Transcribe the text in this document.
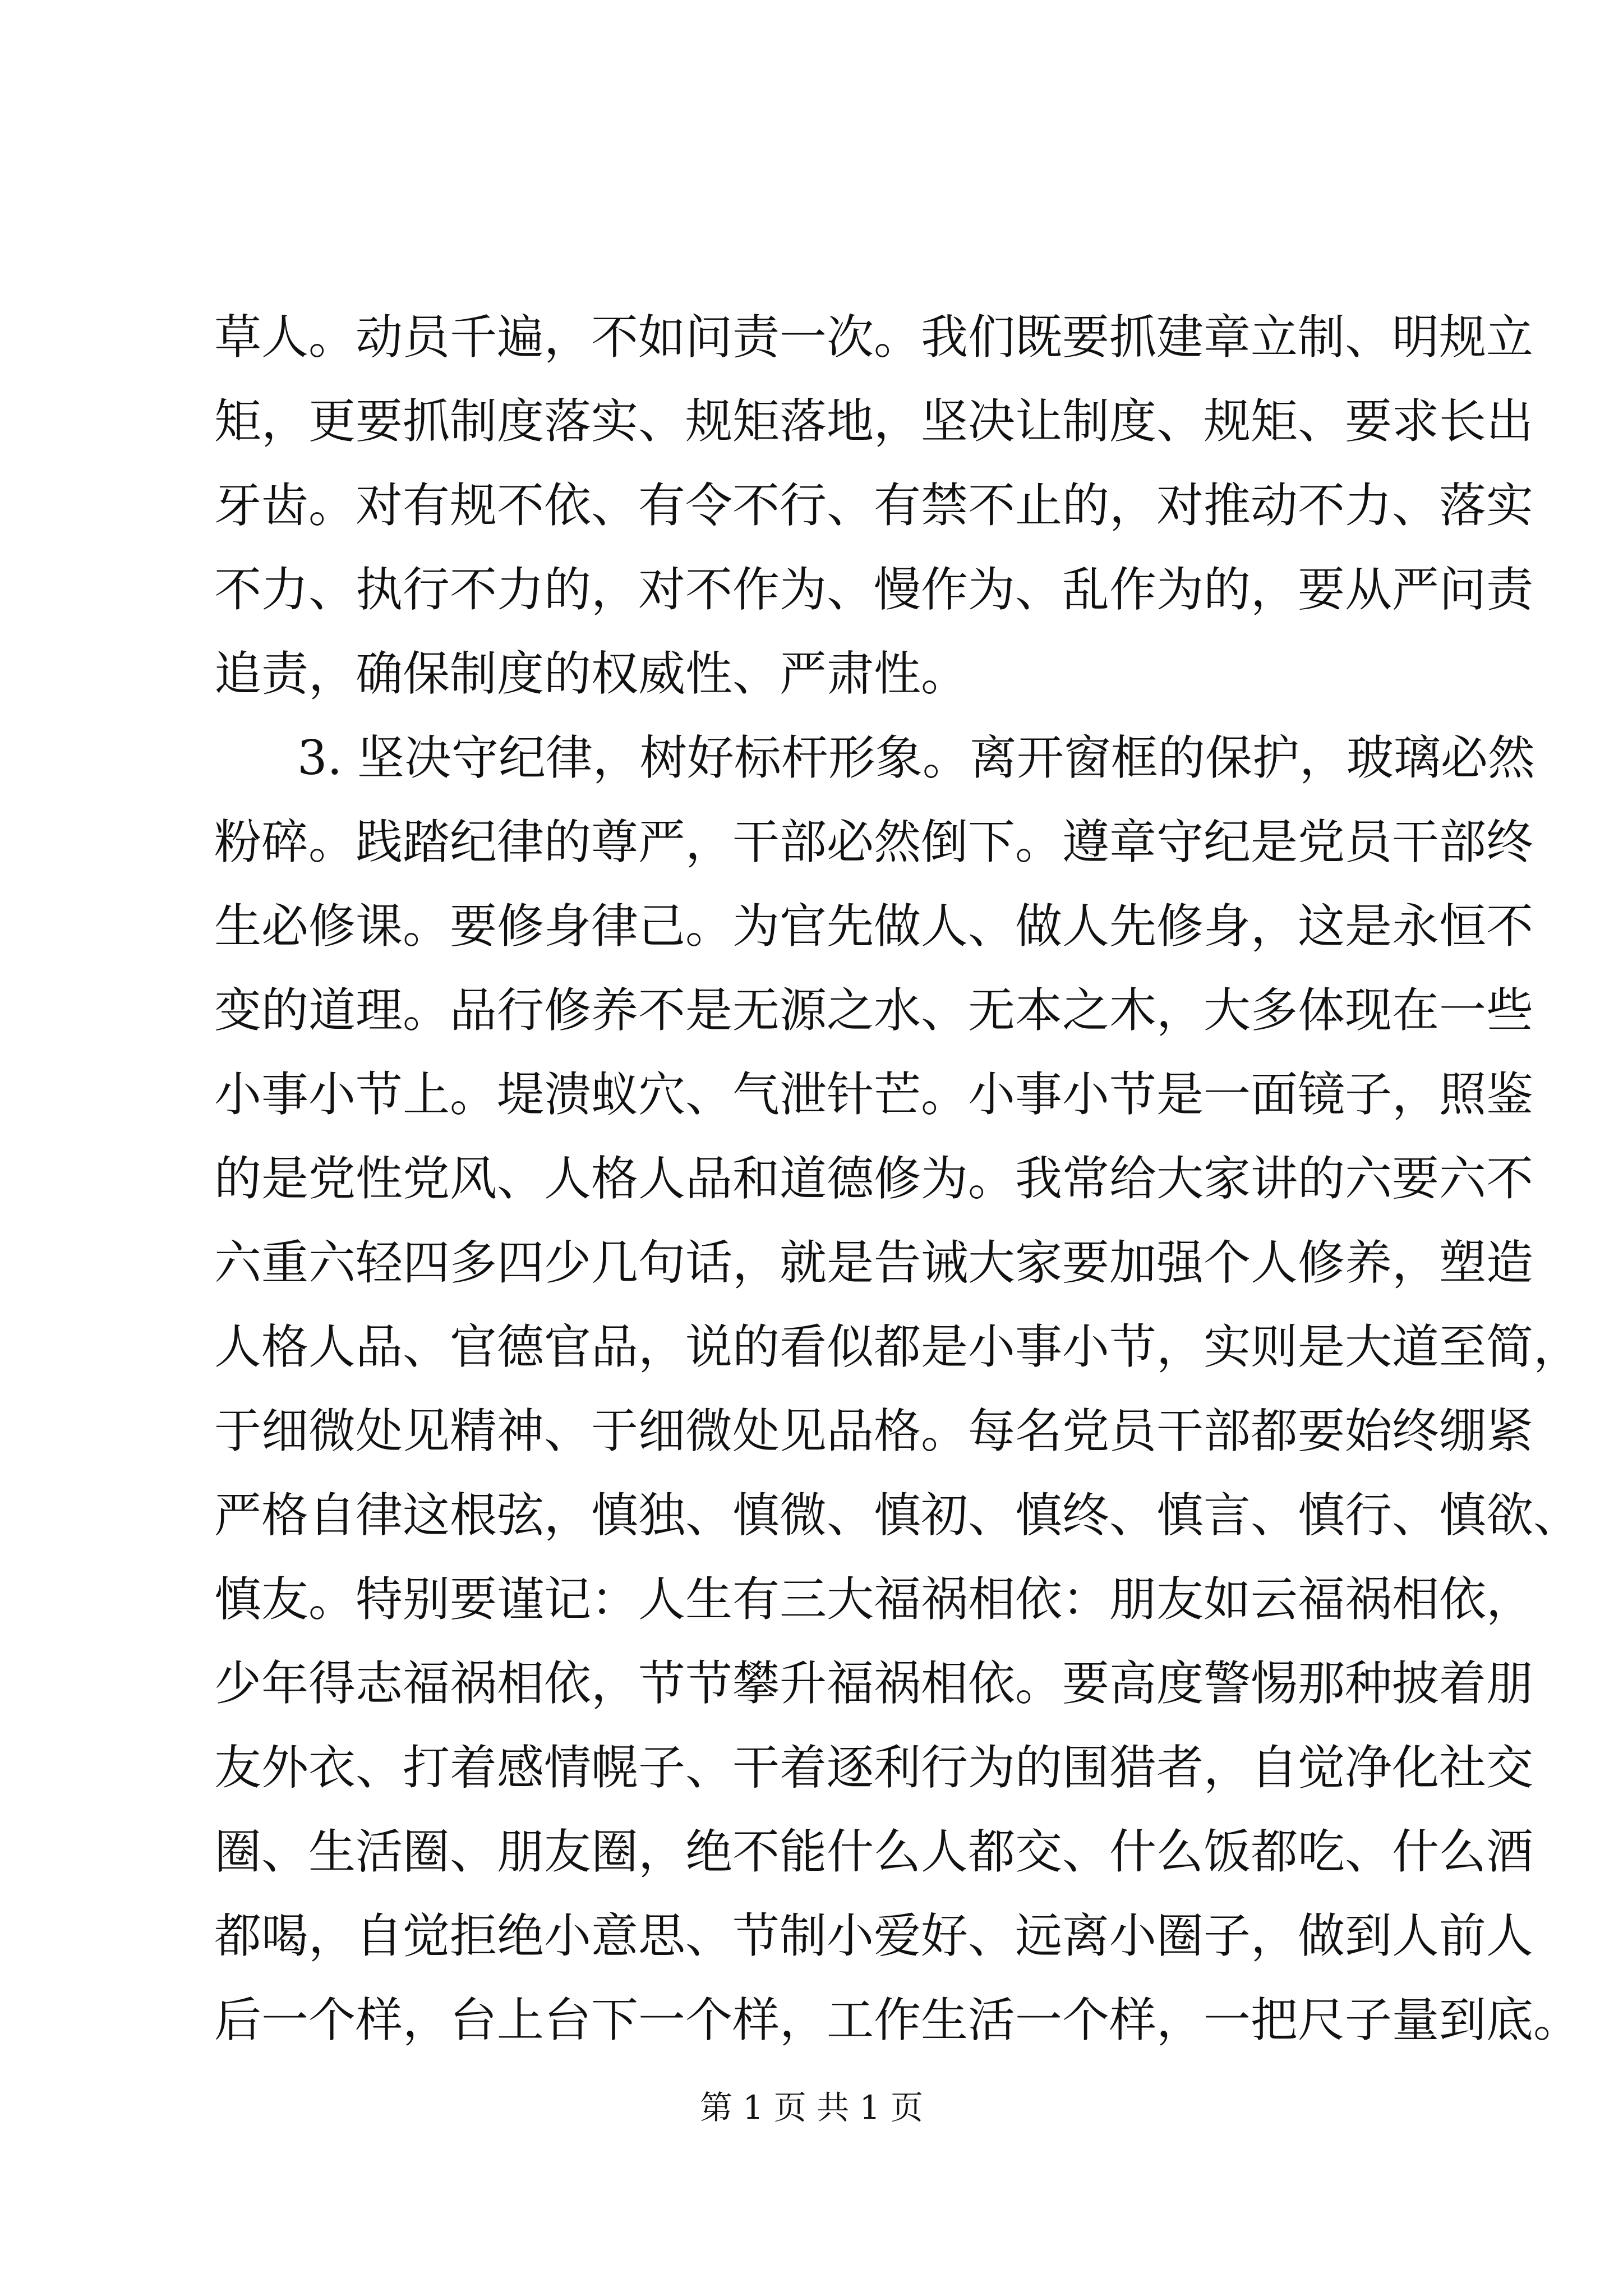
草人。动员千遍，不如问责一次。我们既要抓建章立制、明规立
矩，更要抓制度落实、规矩落地，坚决让制度、规矩、要求长出
牙齿。对有规不依、有令不行、有禁不止的，对推动不力、落实
不力、执行不力的，对不作为、慢作为、乱作为的，要从严问责
追责，确保制度的权威性、严肃性。
3. 坚决守纪律，树好标杆形象。离开窗框的保护，玻璃必然
粉碎。践踏纪律的尊严，干部必然倒下。遵章守纪是党员干部终
生必修课。要修身律己。为官先做人、做人先修身，这是永恒不
变的道理。品行修养不是无源之水、无本之木，大多体现在一些
小事小节上。堤溃蚁穴、气泄针芒。小事小节是一面镜子，照鉴
的是党性党风、人格人品和道德修为。我常给大家讲的六要六不
六重六轻四多四少几句话，就是告诫大家要加强个人修养，塑造
人格人品、官德官品，说的看似都是小事小节，实则是大道至简，
于细微处见精神、于细微处见品格。每名党员干部都要始终绷紧
严格自律这根弦，慎独、慎微、慎初、慎终、慎言、慎行、慎欲、
慎友。特别要谨记：人生有三大福祸相依：朋友如云福祸相依，
少年得志福祸相依，节节攀升福祸相依。要高度警惕那种披着朋
友外衣、打着感情幌子、干着逐利行为的围猎者，自觉净化社交
圈、生活圈、朋友圈，绝不能什么人都交、什么饭都吃、什么酒
都喝，自觉拒绝小意思、节制小爱好、远离小圈子，做到人前人
后一个样，台上台下一个样，工作生活一个样，一把尺子量到底。
第 1 页 共 1 页
